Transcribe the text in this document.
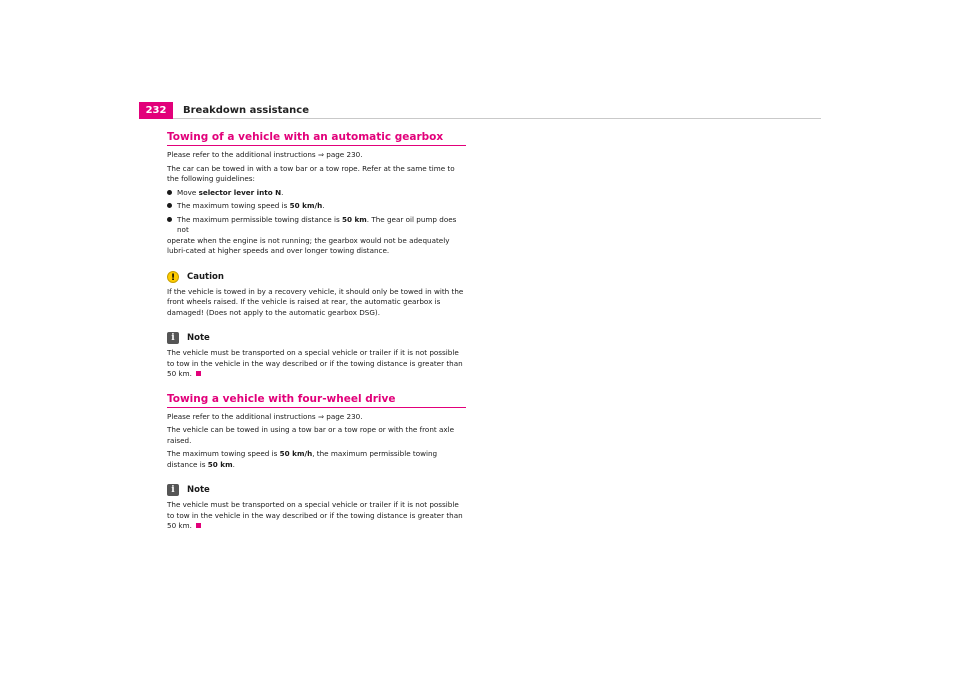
232	Breakdown assistance
Towing of a vehicle with an automatic gearbox

Please refer to the additional instructions ⇒ page 230.

The car can be towed in with a tow bar or a tow rope. Refer at the same time to the following guidelines:

Move selector lever into N.
The maximum towing speed is 50 km/h.
The maximum permissible towing distance is 50 km. The gear oil pump does not
operate when the engine is not running; the gearbox would not be adequately lubri-cated at higher speeds and over longer towing distance.
!	Caution

If the vehicle is towed in by a recovery vehicle, it should only be towed in with the front wheels raised. If the vehicle is raised at rear, the automatic gearbox is damaged! (Does not apply to the automatic gearbox DSG).

i	Note

The vehicle must be transported on a special vehicle or trailer if it is not possible to tow in the vehicle in the way described or if the towing distance is greater than 50 km.

Towing a vehicle with four-wheel drive

Please refer to the additional instructions ⇒ page 230.

The vehicle can be towed in using a tow bar or a tow rope or with the front axle raised.

The maximum towing speed is 50 km/h, the maximum permissible towing distance is 50 km.

i	Note

The vehicle must be transported on a special vehicle or trailer if it is not possible to tow in the vehicle in the way described or if the towing distance is greater than 50 km.
